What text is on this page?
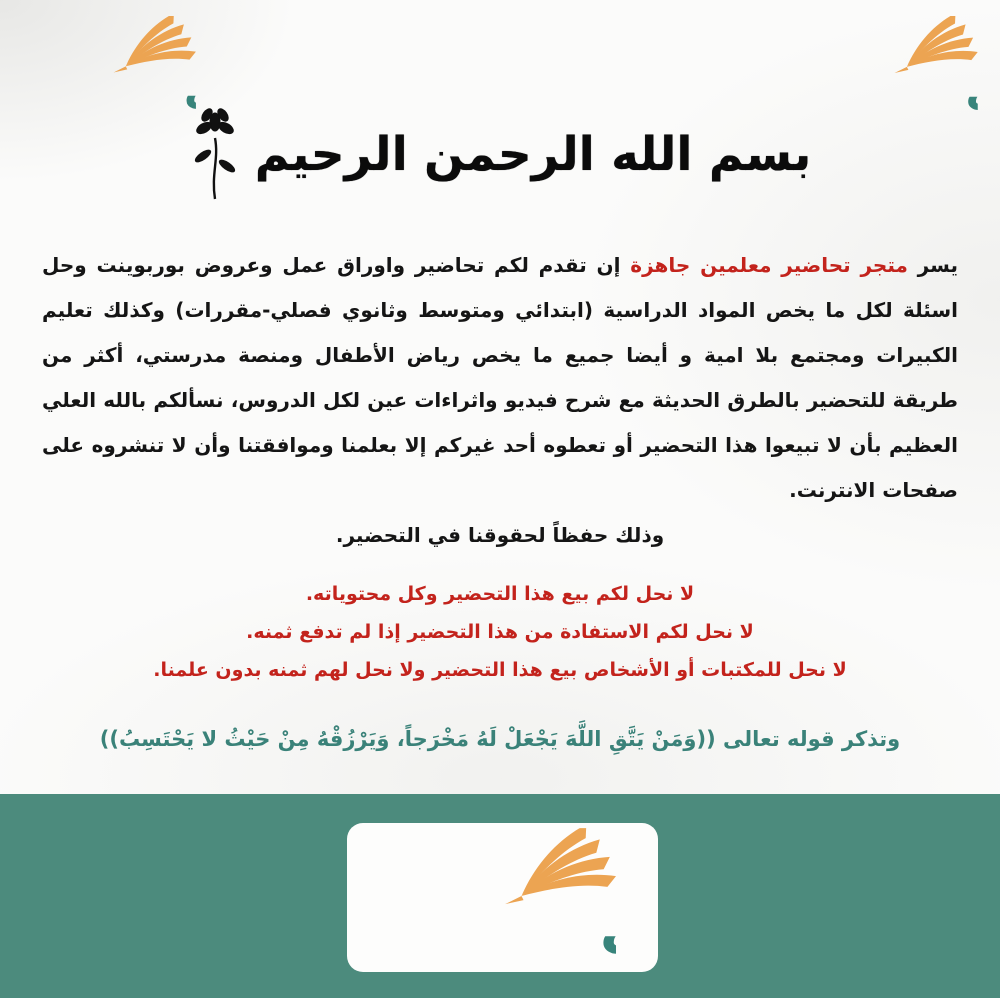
بسم الله الرحمن الرحيم

يسر متجر تحاضير معلمين جاهزة إن تقدم لكم تحاضير واوراق عمل وعروض بوربوينت وحل اسئلة لكل ما يخص المواد الدراسية (ابتدائي ومتوسط وثانوي فصلي-مقررات) وكذلك تعليم الكبيرات ومجتمع بلا امية و أيضا جميع ما يخص رياض الأطفال ومنصة مدرستي، أكثر من طريقة للتحضير بالطرق الحديثة مع شرح فيديو واثراءات عين لكل الدروس، نسألكم بالله العلي العظيم بأن لا تبيعوا هذا التحضير أو تعطوه أحد غيركم إلا بعلمنا وموافقتنا وأن لا تنشروه على صفحات الانترنت.

وذلك حفظاً لحقوقنا في التحضير.
لا نحل لكم بيع هذا التحضير وكل محتوياته.
لا نحل لكم الاستفادة من هذا التحضير إذا لم تدفع ثمنه.
لا نحل للمكتبات أو الأشخاص بيع هذا التحضير ولا نحل لهم ثمنه بدون علمنا.
وتذكر قوله تعالى ((وَمَنْ يَتَّقِ اللَّهَ يَجْعَلْ لَهُ مَخْرَجاً، وَيَرْزُقْهُ مِنْ حَيْثُ لا يَحْتَسِبُ))
